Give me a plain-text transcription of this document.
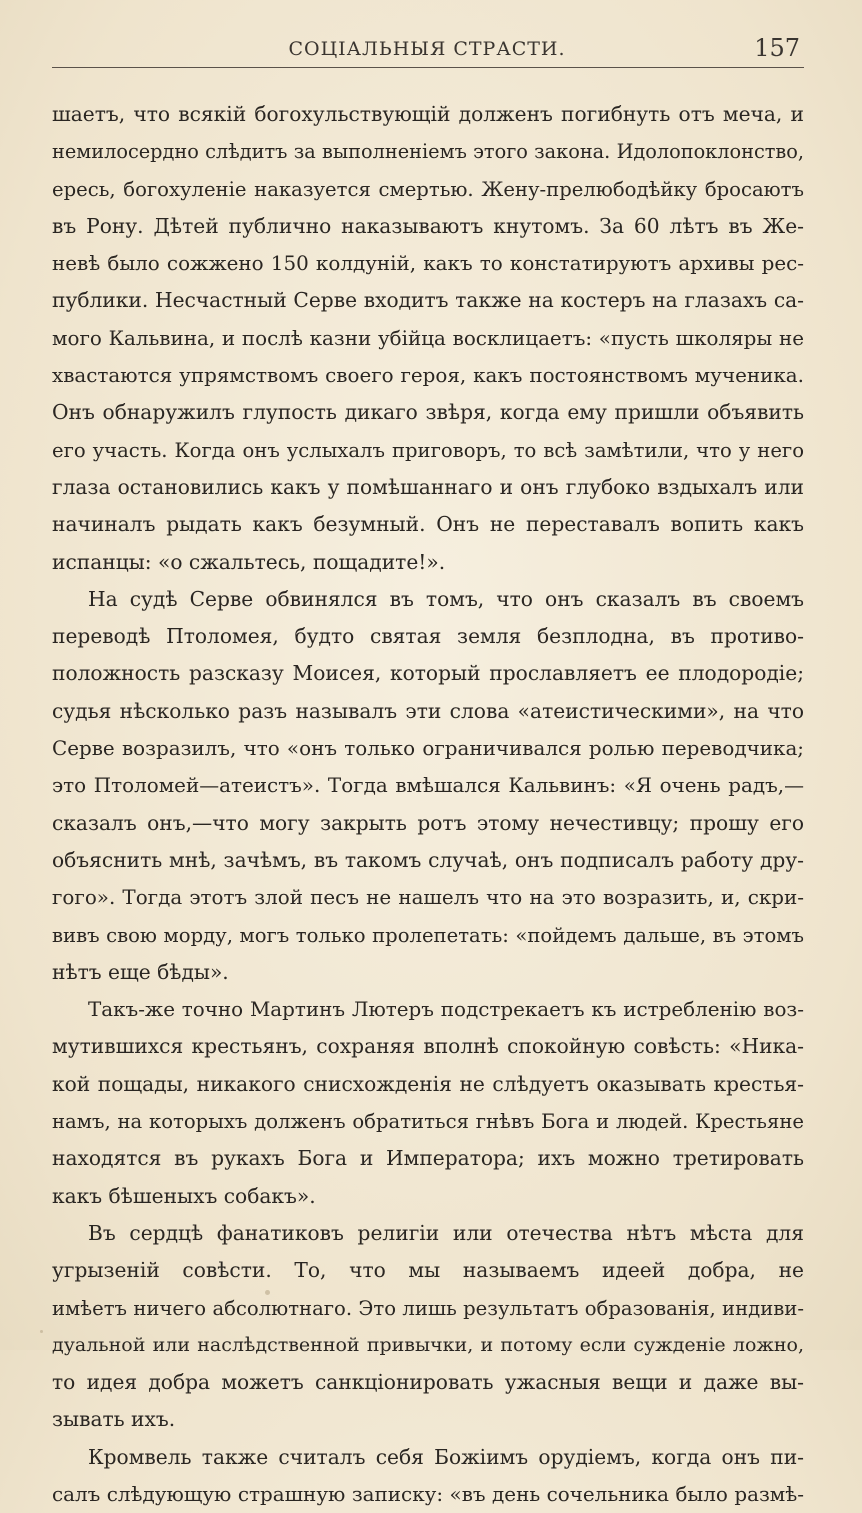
СОЦІАЛЬНЫЯ СТРАСТИ.	157
шаетъ, что всякій богохульствующій долженъ погибнуть отъ меча, и
немилосердно слѣдитъ за выполненіемъ этого закона. Идолопоклонство,
ересь, богохуленіе наказуется смертью. Жену-прелюбодѣйку бросаютъ
въ Рону. Дѣтей публично наказываютъ кнутомъ. За 60 лѣтъ въ Же-
невѣ было сожжено 150 колдуній, какъ то констатируютъ архивы рес-
публики. Несчастный Серве входитъ также на костеръ на глазахъ са-
мого Кальвина, и послѣ казни убійца восклицаетъ: «пусть школяры не
хвастаются упрямствомъ своего героя, какъ постоянствомъ мученика.
Онъ обнаружилъ глупость дикаго звѣря, когда ему пришли объявить
его участь. Когда онъ услыхалъ приговоръ, то всѣ замѣтили, что у него
глаза остановились какъ у помѣшаннаго и онъ глубоко вздыхалъ или
начиналъ рыдать какъ безумный. Онъ не переставалъ вопить какъ
испанцы: «о сжальтесь, пощадите!».
На судѣ Серве обвинялся въ томъ, что онъ сказалъ въ своемъ
переводѣ Птоломея, будто святая земля безплодна, въ противо-
положность разсказу Моисея, который прославляетъ ее плодородіе;
судья нѣсколько разъ называлъ эти слова «атеистическими», на что
Серве возразилъ, что «онъ только ограничивался ролью переводчика;
это Птоломей—атеистъ». Тогда вмѣшался Кальвинъ: «Я очень радъ,—
сказалъ онъ,—что могу закрыть ротъ этому нечестивцу; прошу его
объяснить мнѣ, зачѣмъ, въ такомъ случаѣ, онъ подписалъ работу дру-
гого». Тогда этотъ злой песъ не нашелъ что на это возразить, и, скри-
вивъ свою морду, могъ только пролепетать: «пойдемъ дальше, въ этомъ
нѣтъ еще бѣды».
Такъ-же точно Мартинъ Лютеръ подстрекаетъ къ истребленію воз-
мутившихся крестьянъ, сохраняя вполнѣ спокойную совѣсть: «Ника-
кой пощады, никакого снисхожденія не слѣдуетъ оказывать крестья-
намъ, на которыхъ долженъ обратиться гнѣвъ Бога и людей. Крестьяне
находятся въ рукахъ Бога и Императора; ихъ можно третировать
какъ бѣшеныхъ собакъ».
Въ сердцѣ фанатиковъ религіи или отечества нѣтъ мѣста для
угрызеній совѣсти. То, что мы называемъ идеей добра, не
имѣетъ ничего абсолютнаго. Это лишь результатъ образованія, индиви-
дуальной или наслѣдственной привычки, и потому если сужденіе ложно,
то идея добра можетъ санкціонировать ужасныя вещи и даже вы-
зывать ихъ.
Кромвель также считалъ себя Божіимъ орудіемъ, когда онъ пи-
салъ слѣдующую страшную записку: «въ день сочельника было размѣ-
